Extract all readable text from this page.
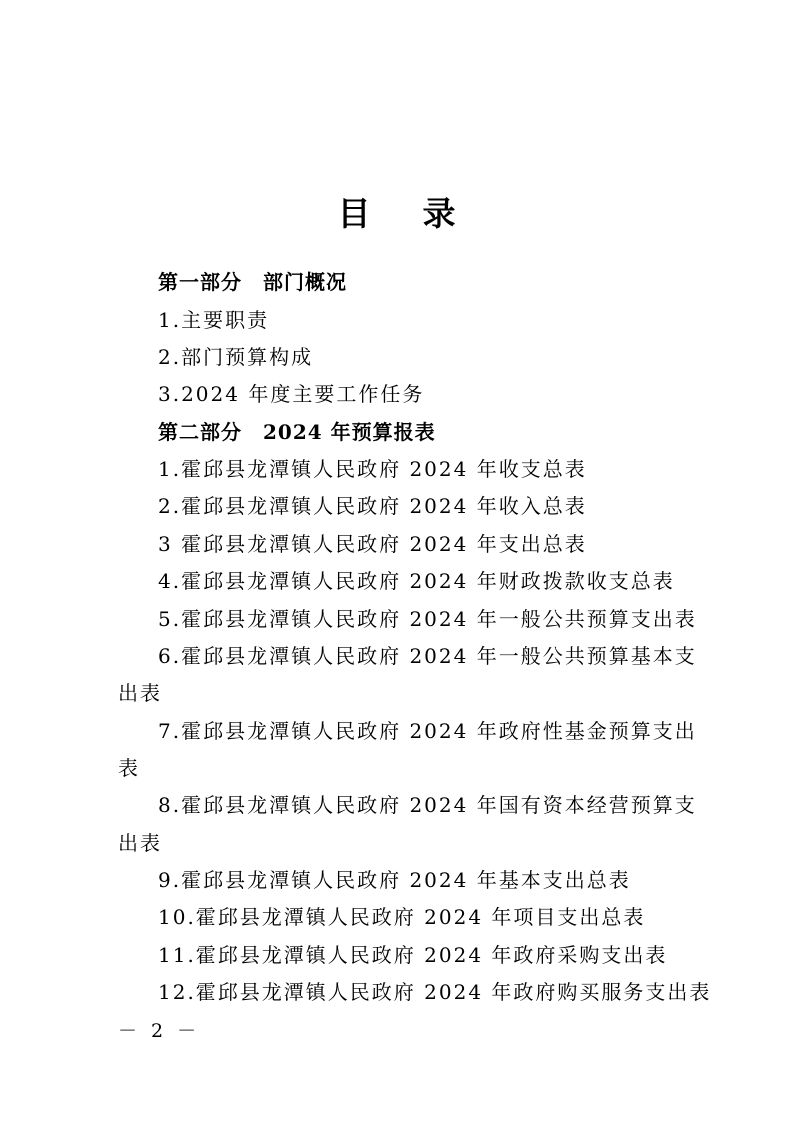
目录
第一部分　部门概况
1.主要职责
2.部门预算构成
3.2024 年度主要工作任务
第二部分　2024 年预算报表
1.霍邱县龙潭镇人民政府 2024 年收支总表
2.霍邱县龙潭镇人民政府 2024 年收入总表
3 霍邱县龙潭镇人民政府 2024 年支出总表
4.霍邱县龙潭镇人民政府 2024 年财政拨款收支总表
5.霍邱县龙潭镇人民政府 2024 年一般公共预算支出表
6.霍邱县龙潭镇人民政府 2024 年一般公共预算基本支
出表
7.霍邱县龙潭镇人民政府 2024 年政府性基金预算支出
表
8.霍邱县龙潭镇人民政府 2024 年国有资本经营预算支
出表
9.霍邱县龙潭镇人民政府 2024 年基本支出总表
10.霍邱县龙潭镇人民政府 2024 年项目支出总表
11.霍邱县龙潭镇人民政府 2024 年政府采购支出表
12.霍邱县龙潭镇人民政府 2024 年政府购买服务支出表
－ 2 －
